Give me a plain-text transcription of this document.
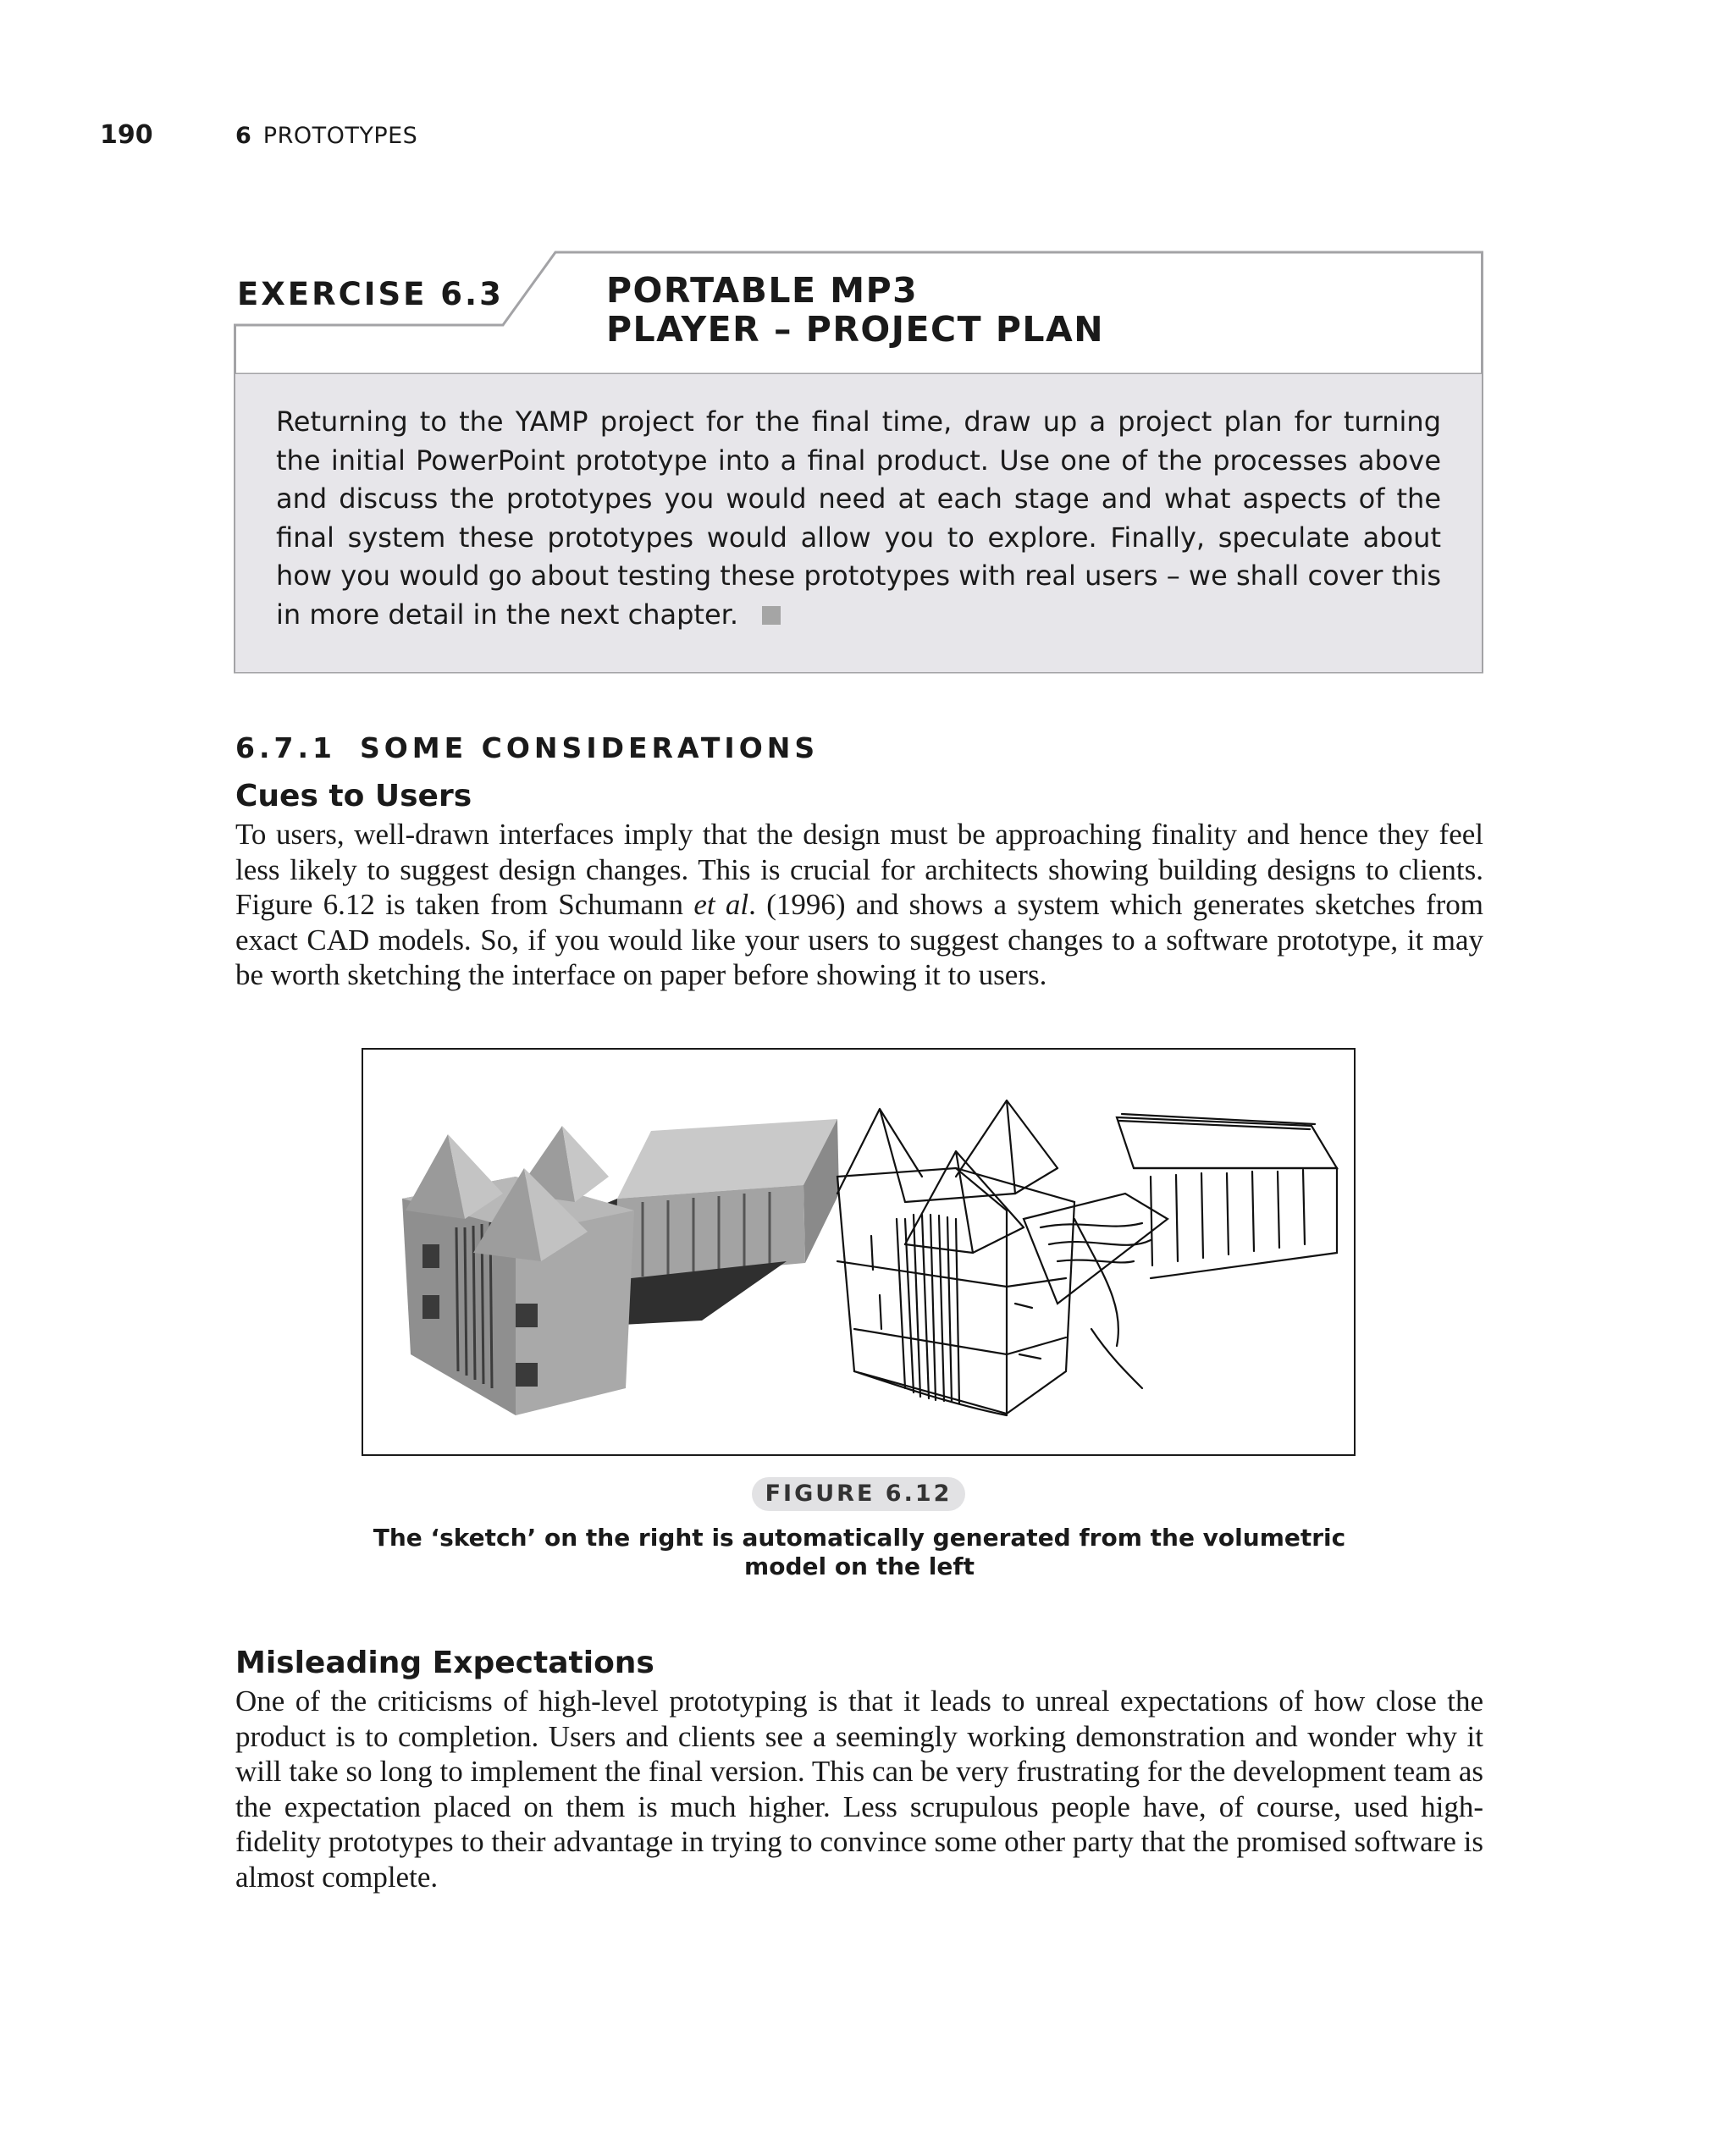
190	6 PROTOTYPES
EXERCISE 6.3	PORTABLE MP3
PLAYER – PROJECT PLAN

Returning to the YAMP project for the final time, draw up a project plan for turning the initial PowerPoint prototype into a final product. Use one of the processes above and discuss the prototypes you would need at each stage and what aspects of the final system these prototypes would allow you to explore. Finally, speculate about how you would go about testing these prototypes with real users – we shall cover this in more detail in the next chapter.

6.7.1 SOME CONSIDERATIONS
Cues to Users

To users, well-drawn interfaces imply that the design must be approaching finality and hence they feel less likely to suggest design changes. This is crucial for architects showing building designs to clients. Figure 6.12 is taken from Schumann et al. (1996) and shows a system which generates sketches from exact CAD models. So, if you would like your users to suggest changes to a software prototype, it may be worth sketching the interface on paper before showing it to users.

FIGURE 6.12

The ‘sketch’ on the right is automatically generated from the volumetric model on the left

Misleading Expectations

One of the criticisms of high-level prototyping is that it leads to unreal expectations of how close the product is to completion. Users and clients see a seemingly working demonstration and wonder why it will take so long to implement the final version. This can be very frustrating for the development team as the expectation placed on them is much higher. Less scrupulous people have, of course, used high-fidelity prototypes to their advantage in trying to convince some other party that the promised software is almost complete.
